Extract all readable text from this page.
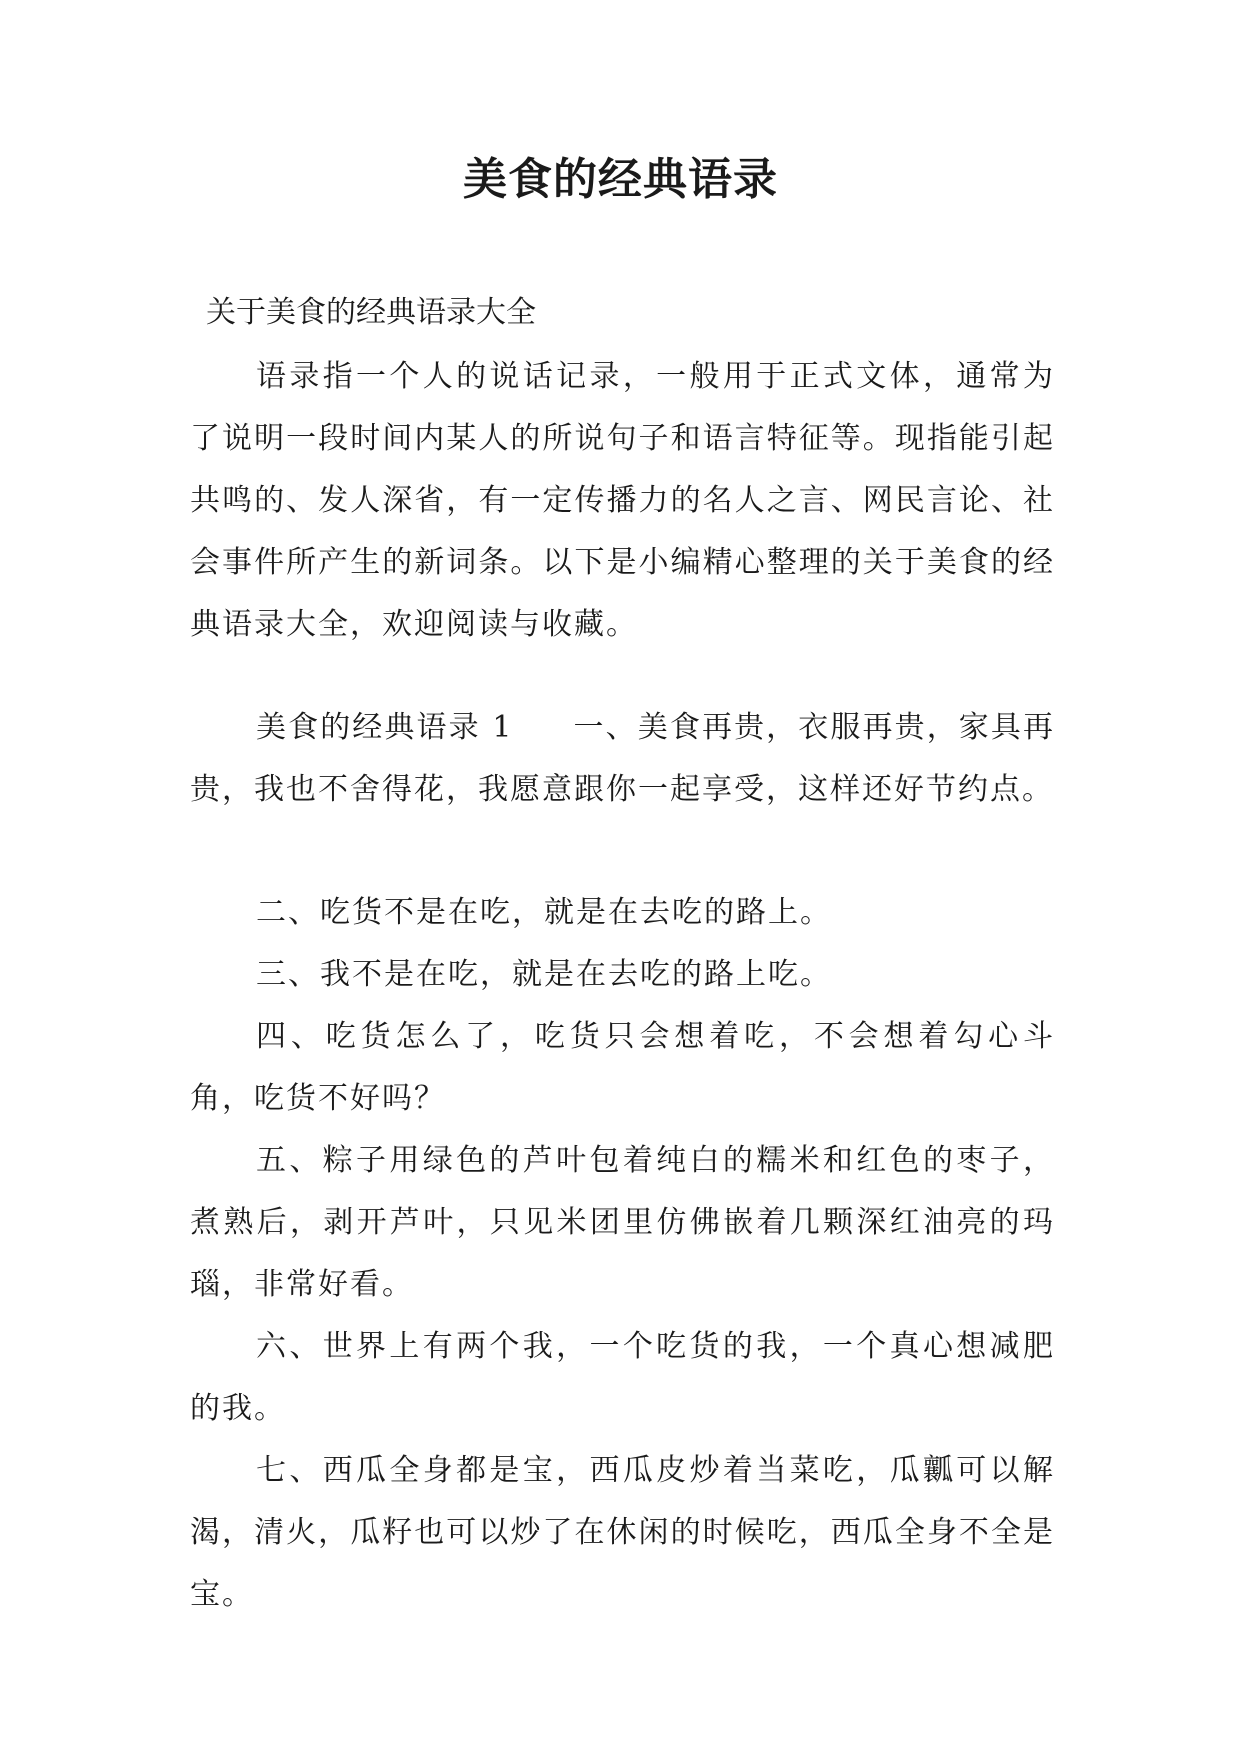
美食的经典语录

关于美食的经典语录大全

语录指一个人的说话记录，一般用于正式文体，通常为了说明一段时间内某人的所说句子和语言特征等。现指能引起共鸣的、发人深省，有一定传播力的名人之言、网民言论、社会事件所产生的新词条。以下是小编精心整理的关于美食的经典语录大全，欢迎阅读与收藏。

美食的经典语录 1 一、美食再贵，衣服再贵，家具再贵，我也不舍得花，我愿意跟你一起享受，这样还好节约点。

二、吃货不是在吃，就是在去吃的路上。

三、我不是在吃，就是在去吃的路上吃。

四、吃货怎么了，吃货只会想着吃，不会想着勾心斗角，吃货不好吗？

五、粽子用绿色的芦叶包着纯白的糯米和红色的枣子，煮熟后，剥开芦叶，只见米团里仿佛嵌着几颗深红油亮的玛瑙，非常好看。

六、世界上有两个我，一个吃货的我，一个真心想减肥的我。

七、西瓜全身都是宝，西瓜皮炒着当菜吃，瓜瓤可以解渴，清火，瓜籽也可以炒了在休闲的时候吃，西瓜全身不全是宝。
